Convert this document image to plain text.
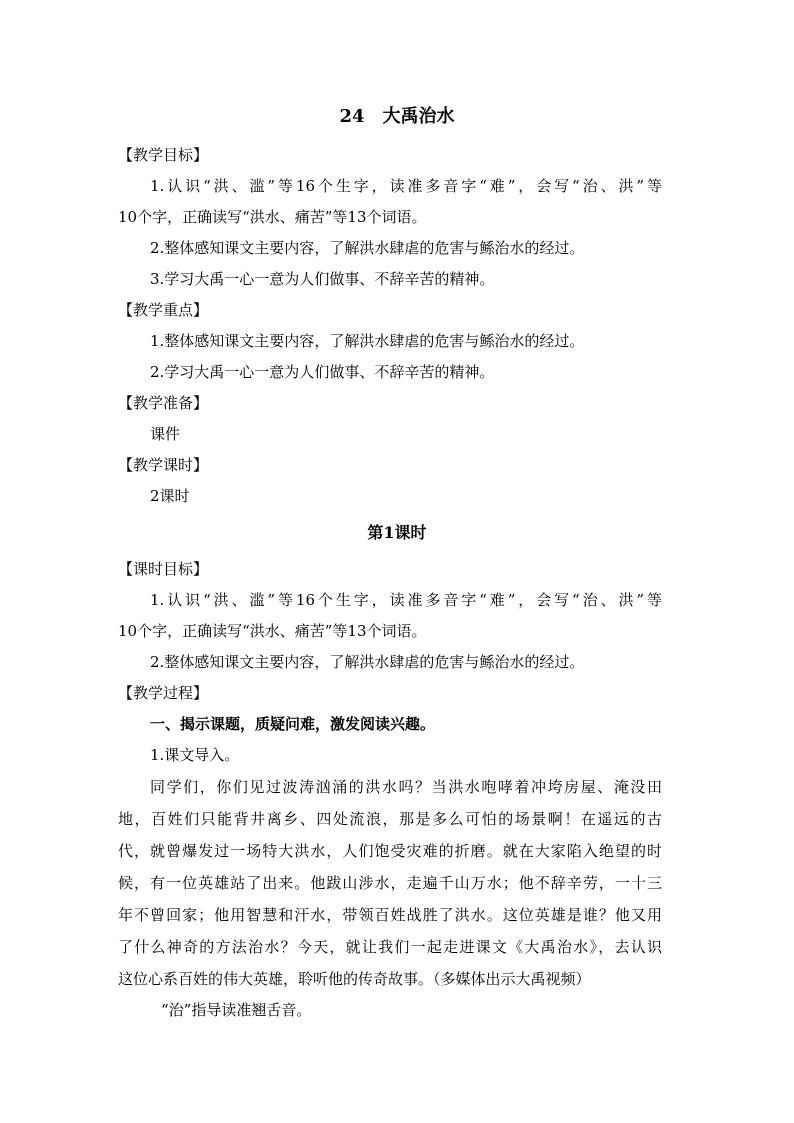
24　大禹治水
【教学目标】
1.认识“洪、滥”等16个生字，读准多音字“难”，会写“治、洪”等
10个字，正确读写“洪水、痛苦”等13个词语。
2.整体感知课文主要内容，了解洪水肆虐的危害与鲧治水的经过。
3.学习大禹一心一意为人们做事、不辞辛苦的精神。
【教学重点】
1.整体感知课文主要内容，了解洪水肆虐的危害与鲧治水的经过。
2.学习大禹一心一意为人们做事、不辞辛苦的精神。
【教学准备】
课件
【教学课时】
2课时
第1课时
【课时目标】
1.认识“洪、滥”等16个生字，读准多音字“难”，会写“治、洪”等
10个字，正确读写“洪水、痛苦”等13个词语。
2.整体感知课文主要内容，了解洪水肆虐的危害与鲧治水的经过。
【教学过程】
一、揭示课题，质疑问难，激发阅读兴趣。
1.课文导入。
同学们，你们见过波涛汹涌的洪水吗？当洪水咆哮着冲垮房屋、淹没田
地，百姓们只能背井离乡、四处流浪，那是多么可怕的场景啊！在遥远的古
代，就曾爆发过一场特大洪水，人们饱受灾难的折磨。就在大家陷入绝望的时
候，有一位英雄站了出来。他跋山涉水，走遍千山万水；他不辞辛劳，一十三
年不曾回家；他用智慧和汗水，带领百姓战胜了洪水。这位英雄是谁？他又用
了什么神奇的方法治水？今天，就让我们一起走进课文《大禹治水》，去认识
这位心系百姓的伟大英雄，聆听他的传奇故事。（多媒体出示大禹视频）
“治”指导读准翘舌音。
